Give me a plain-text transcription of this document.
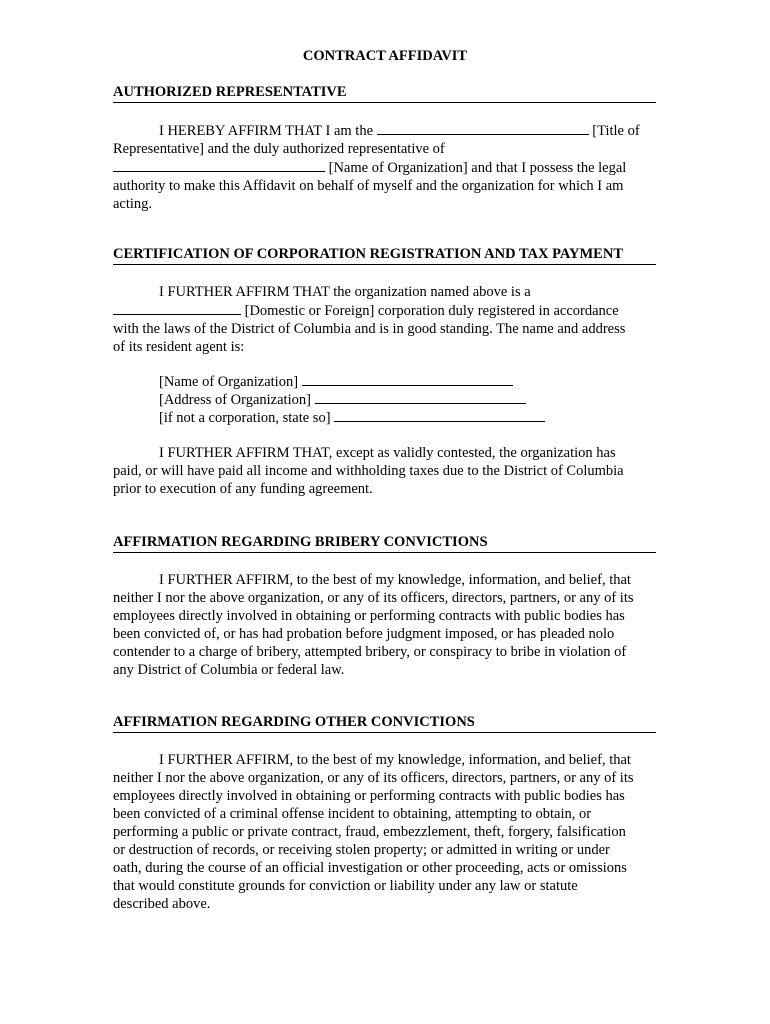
CONTRACT AFFIDAVIT
AUTHORIZED REPRESENTATIVE
I HEREBY AFFIRM THAT I am the	[Title of
Representative] and the duly authorized representative of
[Name of Organization] and that I possess the legal
authority to make this Affidavit on behalf of myself and the organization for which I am
acting.
CERTIFICATION OF CORPORATION REGISTRATION AND TAX PAYMENT
I FURTHER AFFIRM THAT the organization named above is a
[Domestic or Foreign] corporation duly registered in accordance
with the laws of the District of Columbia and is in good standing. The name and address
of its resident agent is:
[Name of Organization]
[Address of Organization]
[if not a corporation, state so]
I FURTHER AFFIRM THAT, except as validly contested, the organization has
paid, or will have paid all income and withholding taxes due to the District of Columbia
prior to execution of any funding agreement.
AFFIRMATION REGARDING BRIBERY CONVICTIONS
I FURTHER AFFIRM, to the best of my knowledge, information, and belief, that
neither I nor the above organization, or any of its officers, directors, partners, or any of its
employees directly involved in obtaining or performing contracts with public bodies has
been convicted of, or has had probation before judgment imposed, or has pleaded nolo
contender to a charge of bribery, attempted bribery, or conspiracy to bribe in violation of
any District of Columbia or federal law.
AFFIRMATION REGARDING OTHER CONVICTIONS
I FURTHER AFFIRM, to the best of my knowledge, information, and belief, that
neither I nor the above organization, or any of its officers, directors, partners, or any of its
employees directly involved in obtaining or performing contracts with public bodies has
been convicted of a criminal offense incident to obtaining, attempting to obtain, or
performing a public or private contract, fraud, embezzlement, theft, forgery, falsification
or destruction of records, or receiving stolen property; or admitted in writing or under
oath, during the course of an official investigation or other proceeding, acts or omissions
that would constitute grounds for conviction or liability under any law or statute
described above.
